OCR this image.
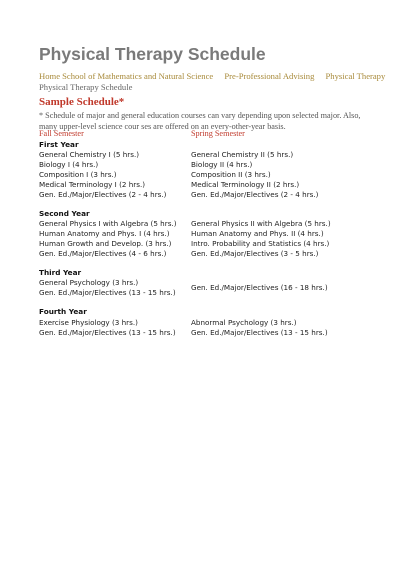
Physical Therapy Schedule
Home School of Mathematics and Natural Science Pre-Professional Advising Physical Therapy
Physical Therapy Schedule
Sample Schedule*
* Schedule of major and general education courses can vary depending upon selected major. Also,
many upper-level science cour ses are offered on an every-other-year basis.
Fall Semester	Spring Semester
First Year
General Chemistry I (5 hrs.)
Biology I (4 hrs.)
Composition I (3 hrs.)
Medical Terminology I (2 hrs.)
Gen. Ed./Major/Electives (2 - 4 hrs.)
General Chemistry II (5 hrs.)
Biology II (4 hrs.)
Composition II (3 hrs.)
Medical Terminology II (2 hrs.)
Gen. Ed./Major/Electives (2 - 4 hrs.)
Second Year
General Physics I with Algebra (5 hrs.)
Human Anatomy and Phys. I (4 hrs.)
Human Growth and Develop. (3 hrs.)
Gen. Ed./Major/Electives (4 - 6 hrs.)
General Physics II with Algebra (5 hrs.)
Human Anatomy and Phys. II (4 hrs.)
Intro. Probability and Statistics (4 hrs.)
Gen. Ed./Major/Electives (3 - 5 hrs.)
Third Year
General Psychology (3 hrs.)
Gen. Ed./Major/Electives (13 - 15 hrs.)
Gen. Ed./Major/Electives (16 - 18 hrs.)
Fourth Year
Exercise Physiology (3 hrs.)
Gen. Ed./Major/Electives (13 - 15 hrs.)
Abnormal Psychology (3 hrs.)
Gen. Ed./Major/Electives (13 - 15 hrs.)
